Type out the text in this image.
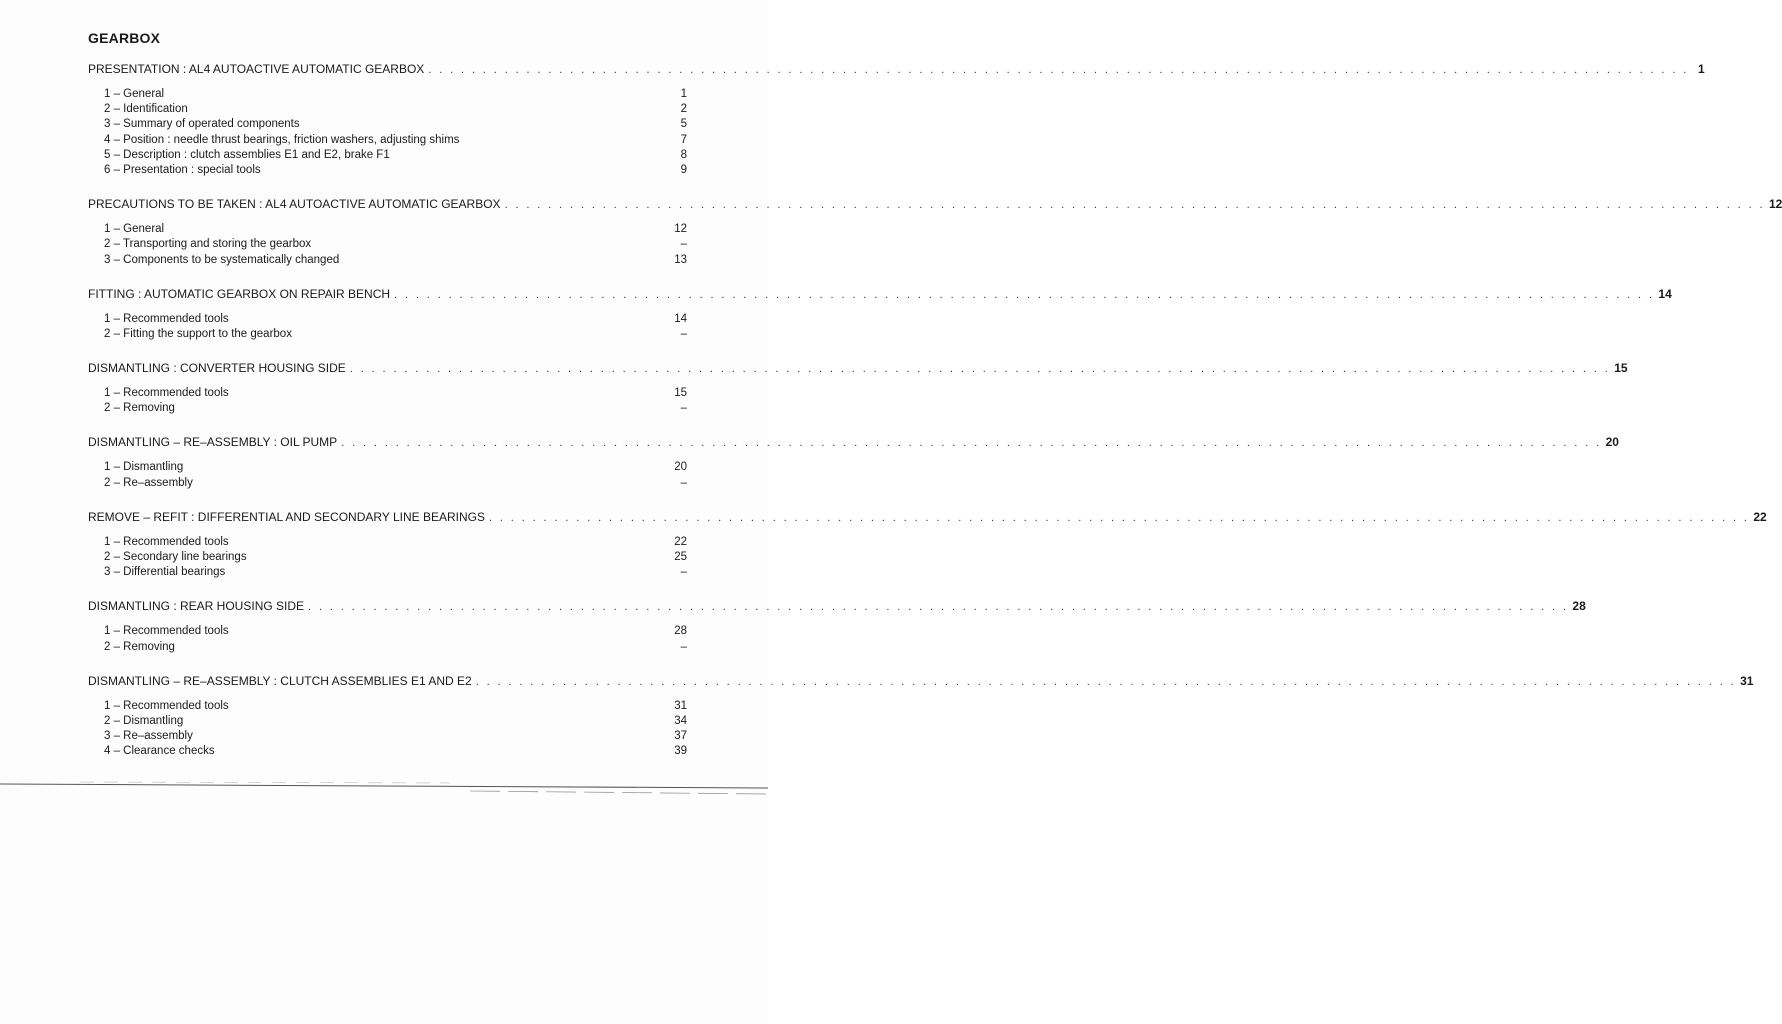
GEARBOX
PRESENTATION : AL4 AUTOACTIVE AUTOMATIC GEARBOX . . . . . . . . . . . . . . . . . . . . . . . . . . . . . . . . . . . . . . . . . . . . . . . . . . . . . . . . . . . . . . . . . . . . . . . . . . . . . . . . . . . . . . . . . . . . . . . . . . . . . . . . . . . . . . . . . . . . 1
1 – General	1
2 – Identification	2
3 – Summary of operated components	5
4 – Position : needle thrust bearings, friction washers, adjusting shims	7
5 – Description : clutch assemblies E1 and E2, brake F1	8
6 – Presentation : special tools	9
PRECAUTIONS TO BE TAKEN : AL4 AUTOACTIVE AUTOMATIC GEARBOX . . . . . . . . . . . . . . . . . . . . . . . . . . . . . . . . . . . . . . . . . . . . . . . . . . . . . . . . . . . . . . . . . . . . . . . . . . . . . . . . . . . . . . . . . . . . . . . . . . . . . . . . . . . . . . . . . . . . 12
1 – General	12
2 – Transporting and storing the gearbox	–
3 – Components to be systematically changed	13
FITTING : AUTOMATIC GEARBOX ON REPAIR BENCH . . . . . . . . . . . . . . . . . . . . . . . . . . . . . . . . . . . . . . . . . . . . . . . . . . . . . . . . . . . . . . . . . . . . . . . . . . . . . . . . . . . . . . . . . . . . . . . . . . . . . . . . . . . . . . . . . . . . 14
1 – Recommended tools	14
2 – Fitting the support to the gearbox	–
DISMANTLING : CONVERTER HOUSING SIDE . . . . . . . . . . . . . . . . . . . . . . . . . . . . . . . . . . . . . . . . . . . . . . . . . . . . . . . . . . . . . . . . . . . . . . . . . . . . . . . . . . . . . . . . . . . . . . . . . . . . . . . . . . . . . . . . . . . . 15
1 – Recommended tools	15
2 – Removing	–
DISMANTLING – RE–ASSEMBLY : OIL PUMP . . . . . . . . . . . . . . . . . . . . . . . . . . . . . . . . . . . . . . . . . . . . . . . . . . . . . . . . . . . . . . . . . . . . . . . . . . . . . . . . . . . . . . . . . . . . . . . . . . . . . . . . . . . . . . . . . . . . 20
1 – Dismantling	20
2 – Re–assembly	–
REMOVE – REFIT : DIFFERENTIAL AND SECONDARY LINE BEARINGS . . . . . . . . . . . . . . . . . . . . . . . . . . . . . . . . . . . . . . . . . . . . . . . . . . . . . . . . . . . . . . . . . . . . . . . . . . . . . . . . . . . . . . . . . . . . . . . . . . . . . . . . . . . . . . . . . . . . 22
1 – Recommended tools	22
2 – Secondary line bearings	25
3 – Differential bearings	–
DISMANTLING : REAR HOUSING SIDE . . . . . . . . . . . . . . . . . . . . . . . . . . . . . . . . . . . . . . . . . . . . . . . . . . . . . . . . . . . . . . . . . . . . . . . . . . . . . . . . . . . . . . . . . . . . . . . . . . . . . . . . . . . . . . . . . . . . 28
1 – Recommended tools	28
2 – Removing	–
DISMANTLING – RE–ASSEMBLY : CLUTCH ASSEMBLIES E1 AND E2 . . . . . . . . . . . . . . . . . . . . . . . . . . . . . . . . . . . . . . . . . . . . . . . . . . . . . . . . . . . . . . . . . . . . . . . . . . . . . . . . . . . . . . . . . . . . . . . . . . . . . . . . . . . . . . . . . . . . 31
1 – Recommended tools	31
2 – Dismantling	34
3 – Re–assembly	37
4 – Clearance checks	39
